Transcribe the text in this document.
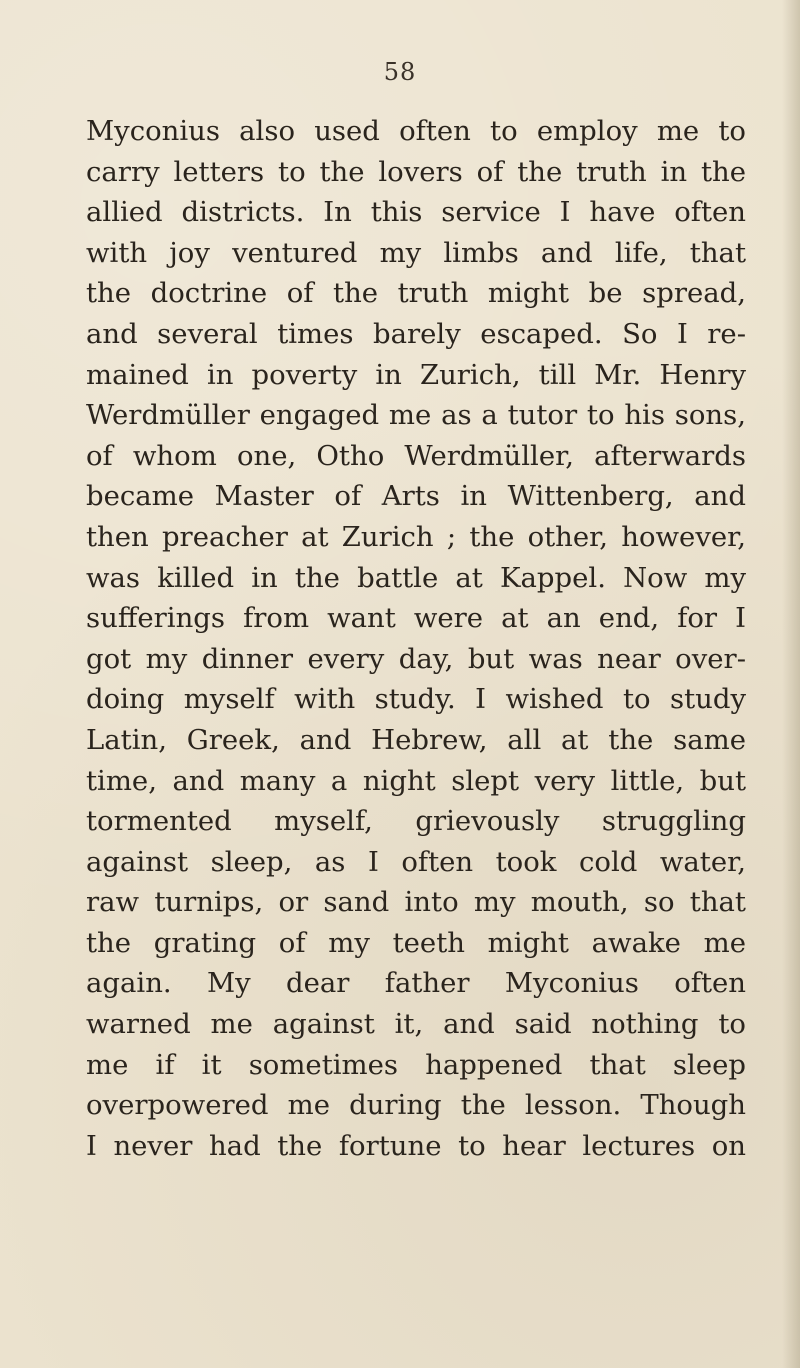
58
Myconius also used often to employ me to
carry letters to the lovers of the truth in the
allied districts. In this service I have often
with joy ventured my limbs and life, that
the doctrine of the truth might be spread,
and several times barely escaped. So I re-
mained in poverty in Zurich, till Mr. Henry
Werdmüller engaged me as a tutor to his sons,
of whom one, Otho Werdmüller, afterwards
became Master of Arts in Wittenberg, and
then preacher at Zurich ; the other, however,
was killed in the battle at Kappel. Now my
sufferings from want were at an end, for I
got my dinner every day, but was near over-
doing myself with study. I wished to study
Latin, Greek, and Hebrew, all at the same
time, and many a night slept very little, but
tormented myself, grievously struggling
against sleep, as I often took cold water,
raw turnips, or sand into my mouth, so that
the grating of my teeth might awake me
again. My dear father Myconius often
warned me against it, and said nothing to
me if it sometimes happened that sleep
overpowered me during the lesson. Though
I never had the fortune to hear lectures on
